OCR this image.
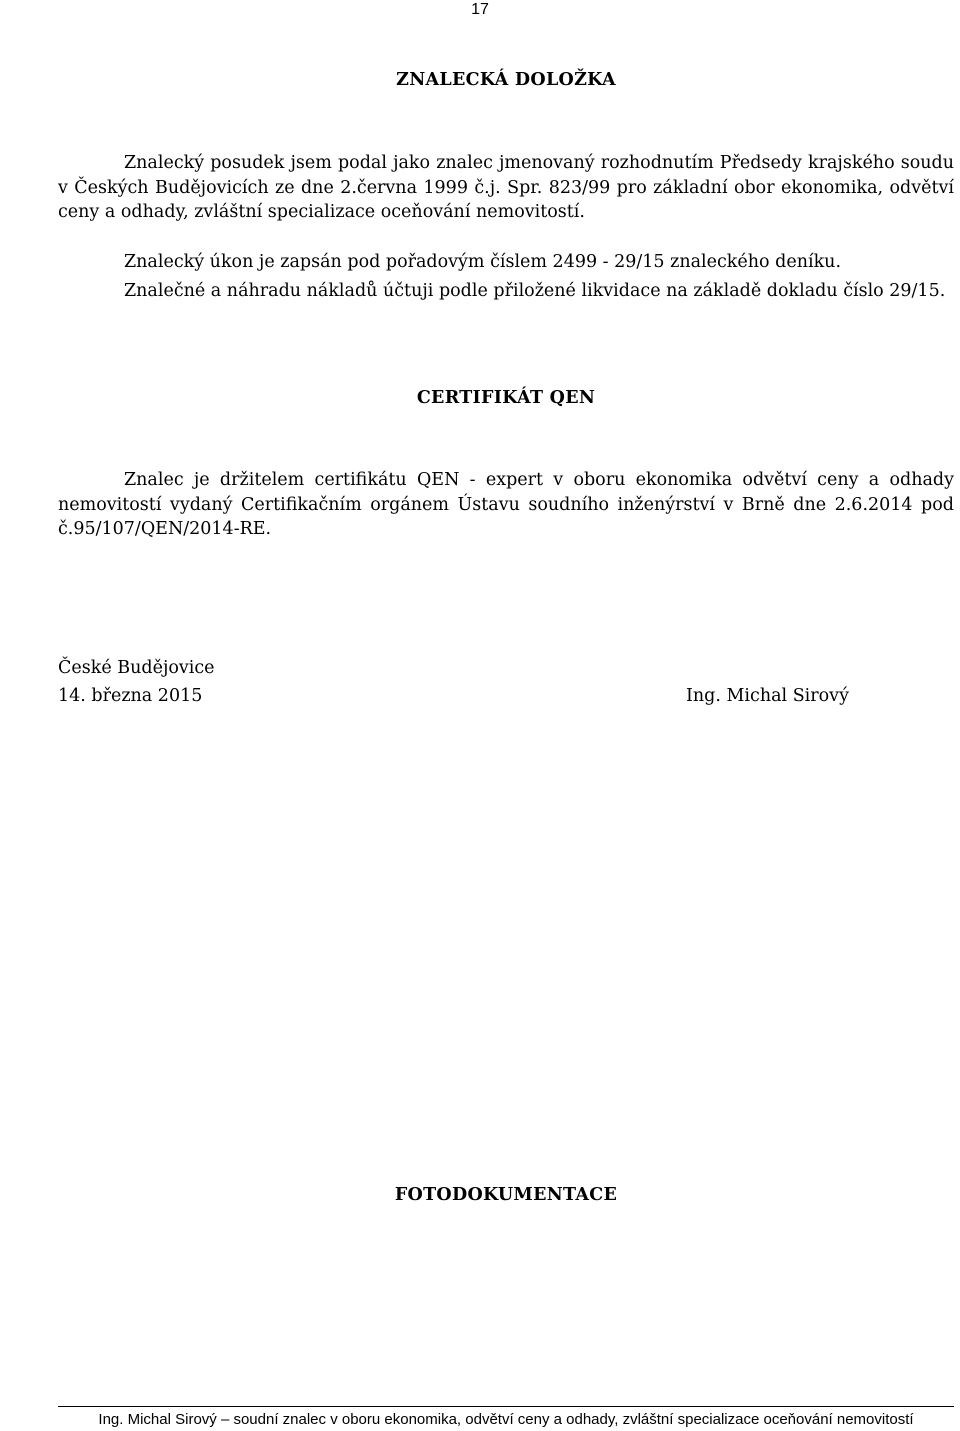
17
ZNALECKÁ DOLOŽKA

Znalecký posudek jsem podal jako znalec jmenovaný rozhodnutím Předsedy krajského soudu v Českých Budějovicích ze dne 2.června 1999 č.j. Spr. 823/99 pro základní obor ekonomika, odvětví ceny a odhady, zvláštní specializace oceňování nemovitostí.

Znalecký úkon je zapsán pod pořadovým číslem 2499 - 29/15 znaleckého deníku.

Znalečné a náhradu nákladů účtuji podle přiložené likvidace na základě dokladu číslo 29/15.

CERTIFIKÁT QEN

Znalec je držitelem certifikátu QEN - expert v oboru ekonomika odvětví ceny a odhady nemovitostí vydaný Certifikačním orgánem Ústavu soudního inženýrství v Brně dne 2.6.2014 pod č.95/107/QEN/2014-RE.

České Budějovice

14. března 2015	Ing. Michal Sirový

FOTODOKUMENTACE
Ing. Michal Sirový – soudní znalec v oboru ekonomika, odvětví ceny a odhady, zvláštní specializace oceňování nemovitostí
